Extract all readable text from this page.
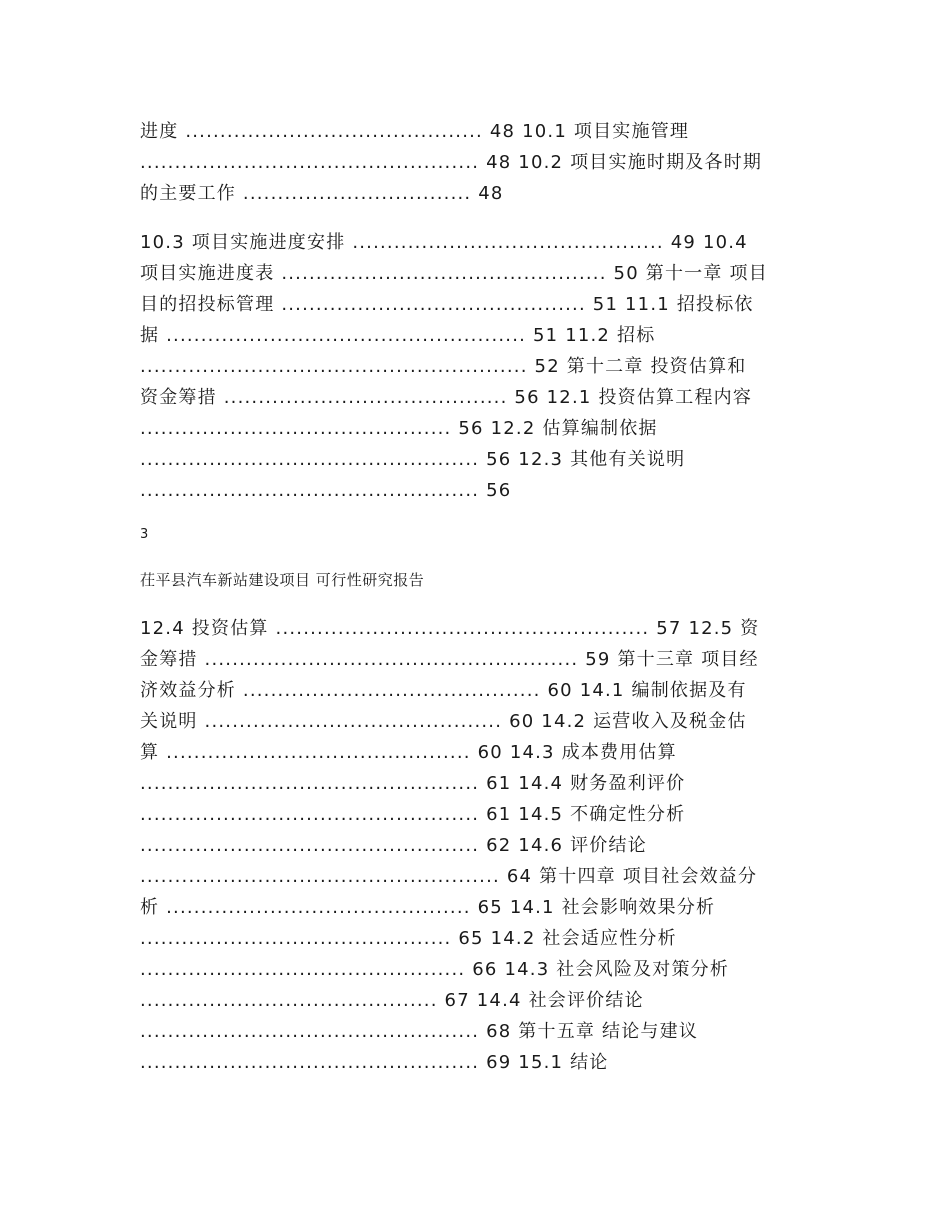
进度 ........................................... 48 10.1 项目实施管理
................................................. 48 10.2 项目实施时期及各时期
的主要工作 ................................. 48
10.3 项目实施进度安排 ............................................. 49 10.4
项目实施进度表 ............................................... 50 第十一章 项目
目的招投标管理 ............................................ 51 11.1 招投标依
据 .................................................... 51 11.2 招标
........................................................ 52 第十二章 投资估算和
资金筹措 ......................................... 56 12.1 投资估算工程内容
............................................. 56 12.2 估算编制依据
................................................. 56 12.3 其他有关说明
................................................. 56
3
茌平县汽车新站建设项目 可行性研究报告
12.4 投资估算 ...................................................... 57 12.5 资
金筹措 ...................................................... 59 第十三章 项目经
济效益分析 ........................................... 60 14.1 编制依据及有
关说明 ........................................... 60 14.2 运营收入及税金估
算 ............................................ 60 14.3 成本费用估算
................................................. 61 14.4 财务盈利评价
................................................. 61 14.5 不确定性分析
................................................. 62 14.6 评价结论
.................................................... 64 第十四章 项目社会效益分
析 ............................................ 65 14.1 社会影响效果分析
............................................. 65 14.2 社会适应性分析
............................................... 66 14.3 社会风险及对策分析
........................................... 67 14.4 社会评价结论
................................................. 68 第十五章 结论与建议
................................................. 69 15.1 结论
